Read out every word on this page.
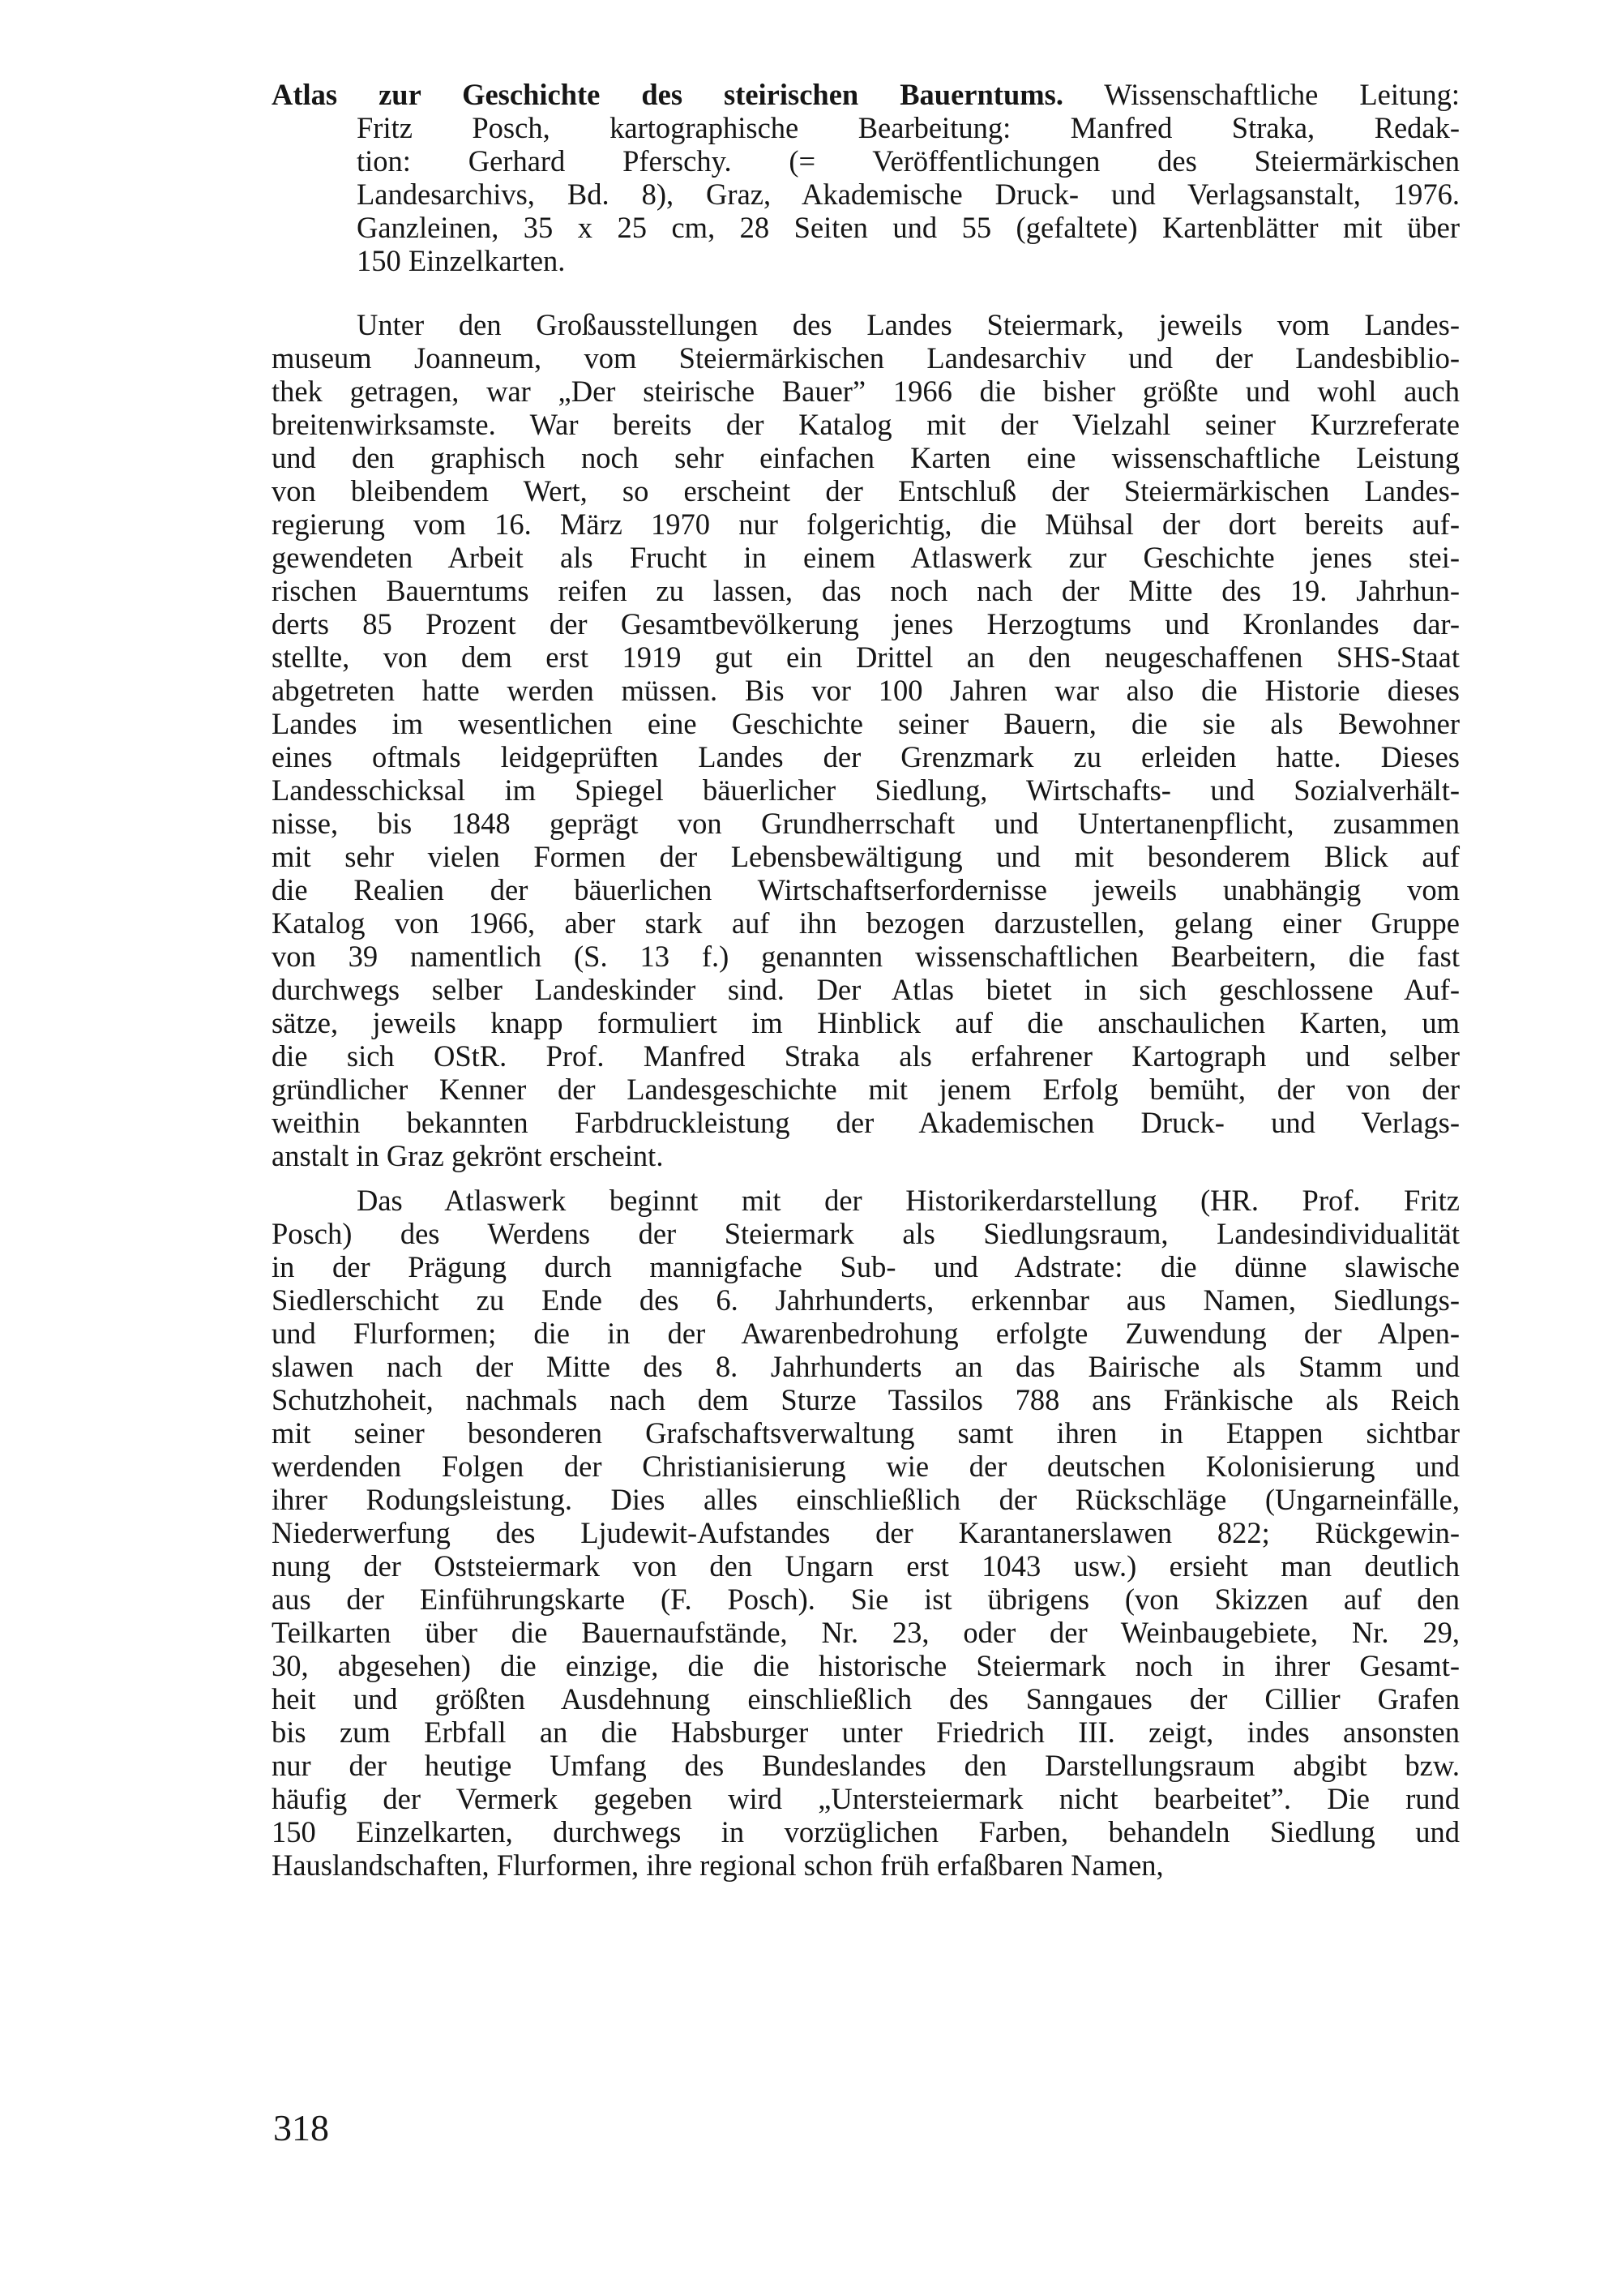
Atlas zur Geschichte des steirischen Bauerntums. Wissenschaftliche Leitung:
Fritz Posch, kartographische Bearbeitung: Manfred Straka, Redak-
tion: Gerhard Pferschy. (= Veröffentlichungen des Steiermärkischen
Landesarchivs, Bd. 8), Graz, Akademische Druck- und Verlagsanstalt, 1976.
Ganzleinen, 35 x 25 cm, 28 Seiten und 55 (gefaltete) Kartenblätter mit über
150 Einzelkarten.
Unter den Großausstellungen des Landes Steiermark, jeweils vom Landes-
museum Joanneum, vom Steiermärkischen Landesarchiv und der Landesbiblio-
thek getragen, war „Der steirische Bauer” 1966 die bisher größte und wohl auch
breitenwirksamste. War bereits der Katalog mit der Vielzahl seiner Kurzreferate
und den graphisch noch sehr einfachen Karten eine wissenschaftliche Leistung
von bleibendem Wert, so erscheint der Entschluß der Steiermärkischen Landes-
regierung vom 16. März 1970 nur folgerichtig, die Mühsal der dort bereits auf-
gewendeten Arbeit als Frucht in einem Atlaswerk zur Geschichte jenes stei-
rischen Bauerntums reifen zu lassen, das noch nach der Mitte des 19. Jahrhun-
derts 85 Prozent der Gesamtbevölkerung jenes Herzogtums und Kronlandes dar-
stellte, von dem erst 1919 gut ein Drittel an den neugeschaffenen SHS-Staat
abgetreten hatte werden müssen. Bis vor 100 Jahren war also die Historie dieses
Landes im wesentlichen eine Geschichte seiner Bauern, die sie als Bewohner
eines oftmals leidgeprüften Landes der Grenzmark zu erleiden hatte. Dieses
Landesschicksal im Spiegel bäuerlicher Siedlung, Wirtschafts- und Sozialverhält-
nisse, bis 1848 geprägt von Grundherrschaft und Untertanenpflicht, zusammen
mit sehr vielen Formen der Lebensbewältigung und mit besonderem Blick auf
die Realien der bäuerlichen Wirtschaftserfordernisse jeweils unabhängig vom
Katalog von 1966, aber stark auf ihn bezogen darzustellen, gelang einer Gruppe
von 39 namentlich (S. 13 f.) genannten wissenschaftlichen Bearbeitern, die fast
durchwegs selber Landeskinder sind. Der Atlas bietet in sich geschlossene Auf-
sätze, jeweils knapp formuliert im Hinblick auf die anschaulichen Karten, um
die sich OStR. Prof. Manfred Straka als erfahrener Kartograph und selber
gründlicher Kenner der Landesgeschichte mit jenem Erfolg bemüht, der von der
weithin bekannten Farbdruckleistung der Akademischen Druck- und Verlags-
anstalt in Graz gekrönt erscheint.
Das Atlaswerk beginnt mit der Historikerdarstellung (HR. Prof. Fritz
Posch) des Werdens der Steiermark als Siedlungsraum, Landesindividualität
in der Prägung durch mannigfache Sub- und Adstrate: die dünne slawische
Siedlerschicht zu Ende des 6. Jahrhunderts, erkennbar aus Namen, Siedlungs-
und Flurformen; die in der Awarenbedrohung erfolgte Zuwendung der Alpen-
slawen nach der Mitte des 8. Jahrhunderts an das Bairische als Stamm und
Schutzhoheit, nachmals nach dem Sturze Tassilos 788 ans Fränkische als Reich
mit seiner besonderen Grafschaftsverwaltung samt ihren in Etappen sichtbar
werdenden Folgen der Christianisierung wie der deutschen Kolonisierung und
ihrer Rodungsleistung. Dies alles einschließlich der Rückschläge (Ungarneinfälle,
Niederwerfung des Ljudewit-Aufstandes der Karantanerslawen 822; Rückgewin-
nung der Oststeiermark von den Ungarn erst 1043 usw.) ersieht man deutlich
aus der Einführungskarte (F. Posch). Sie ist übrigens (von Skizzen auf den
Teilkarten über die Bauernaufstände, Nr. 23, oder der Weinbaugebiete, Nr. 29,
30, abgesehen) die einzige, die die historische Steiermark noch in ihrer Gesamt-
heit und größten Ausdehnung einschließlich des Sanngaues der Cillier Grafen
bis zum Erbfall an die Habsburger unter Friedrich III. zeigt, indes ansonsten
nur der heutige Umfang des Bundeslandes den Darstellungsraum abgibt bzw.
häufig der Vermerk gegeben wird „Untersteiermark nicht bearbeitet”. Die rund
150 Einzelkarten, durchwegs in vorzüglichen Farben, behandeln Siedlung und
Hauslandschaften, Flurformen, ihre regional schon früh erfaßbaren Namen,
318
